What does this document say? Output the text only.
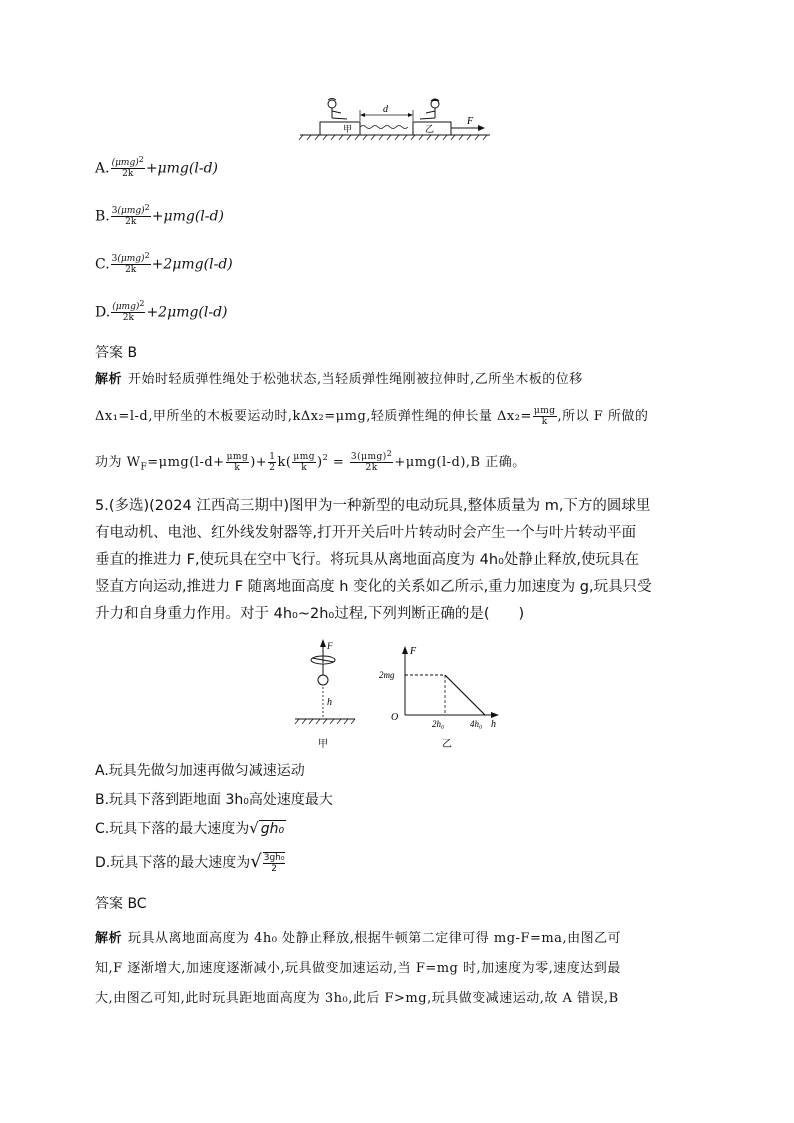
甲	乙
d
F
A. $\frac{\text{(μmg)2}}{2k} +\mu mg(l-d)$
B. $\frac{\text{3(μmg)2}}{2k} +\mu mg(l-d)$
C. $\frac{\text{3(μmg)2}}{2k} +2\mu mg(l-d)$
D. $\frac{\text{(μmg)2}}{2k} +2\mu mg(l-d)$
答案 B
解析 开始时轻质弹性绳处于松弛状态,当轻质弹性绳刚被拉伸时,乙所坐木板的位移
Δx₁=l-d,甲所坐的木板要运动时,kΔx₂=μmg,轻质弹性绳的伸长量 $\Delta x_2= \frac{\text{μmg}}{k}$ ,所以 F 所做的
功为 $W_F=\mu mg(l-d+ \frac{\text{μmg}}{k}$ )+ $\frac{1}{2} k( \frac{\text{μmg}}{k} )^2 = \frac{\text{3(μmg)2}}{2k} +\mu mg(l-d),B$ 正确。
5.(多选)(2024 江西高三期中)图甲为一种新型的电动玩具,整体质量为 m,下方的圆球里
有电动机、电池、红外线发射器等,打开开关后叶片转动时会产生一个与叶片转动平面
垂直的推进力 F,使玩具在空中飞行。将玩具从离地面高度为 4h₀处静止释放,使玩具在
竖直方向运动,推进力 F 随离地面高度 h 变化的关系如乙所示,重力加速度为 g,玩具只受
升力和自身重力作用。对于 4h₀~2h₀过程,下列判断正确的是(　　)
F
h
甲
F
h
O
2mg
2h₀	4h₀
乙
A.玩具先做匀加速再做匀减速运动
B.玩具下落到距地面 3h₀高处速度最大
C.玩具下落的最大速度为√ gh₀
D.玩具下落的最大速度为√ $\frac{\text{3gh₀}}{2}$
答案 BC
解析 玩具从离地面高度为 4h₀ 处静止释放,根据牛顿第二定律可得 mg-F=ma,由图乙可
知,F 逐渐增大,加速度逐渐减小,玩具做变加速运动,当 F=mg 时,加速度为零,速度达到最
大,由图乙可知,此时玩具距地面高度为 3h₀,此后 F>mg,玩具做变减速运动,故 A 错误,B
